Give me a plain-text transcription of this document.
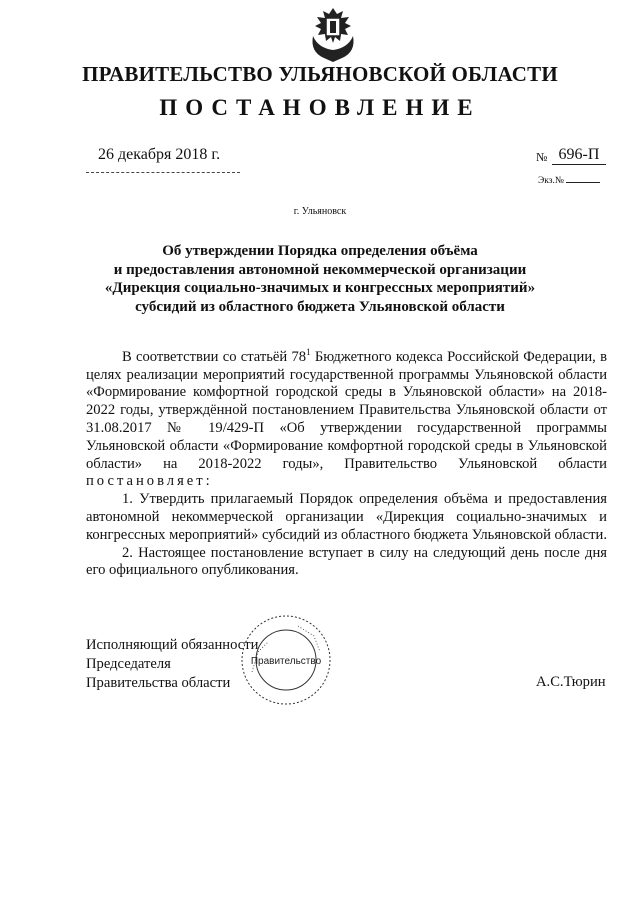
ПРАВИТЕЛЬСТВО УЛЬЯНОВСКОЙ ОБЛАСТИ
ПОСТАНОВЛЕНИЕ
26 декабря 2018 г.	№ 696-П
Экз.№
г. Ульяновск
Об утверждении Порядка определения объёма
и предоставления автономной некоммерческой организации
«Дирекция социально-значимых и конгрессных мероприятий»
субсидий из областного бюджета Ульяновской области

В соответствии со статьёй $78^1$ Бюджетного кодекса Российской Федерации, в целях реализации мероприятий государственной программы Ульяновской области «Формирование комфортной городской среды в Ульяновской области» на 2018-2022 годы, утверждённой постановлением Правительства Ульяновской области от 31.08.2017 № 19/429-П «Об утверждении государственной программы Ульяновской области «Формирование комфортной городской среды в Ульяновской области» на 2018-2022 годы», Правительство Ульяновской области постановляет:

1. Утвердить прилагаемый Порядок определения объёма и предоставления автономной некоммерческой организации «Дирекция социально-значимых и конгрессных мероприятий» субсидий из областного бюджета Ульяновской области.

2. Настоящее постановление вступает в силу на следующий день после дня его официального опубликования.

Исполняющий обязанности
Председателя
Правительства области
Правительство
А.С.Тюрин
